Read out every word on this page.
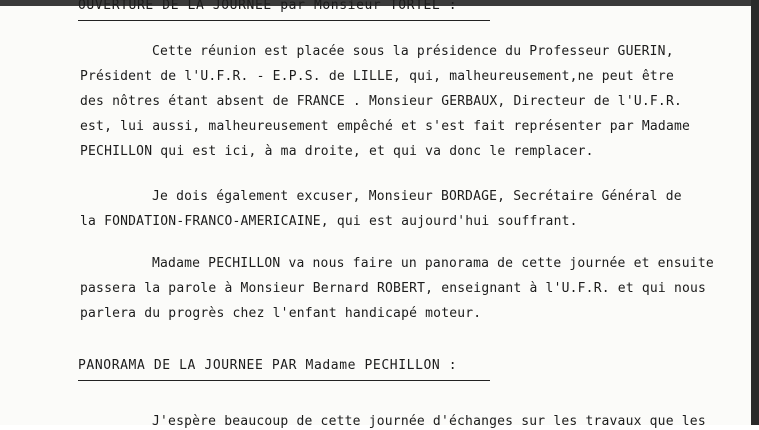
OUVERTURE DE LA JOURNEE par Monsieur TORTEL :
Cette réunion est placée sous la présidence du Professeur GUERIN,
Président de l'U.F.R. - E.P.S. de LILLE, qui, malheureusement,ne peut être
des nôtres étant absent de FRANCE . Monsieur GERBAUX, Directeur de l'U.F.R.
est, lui aussi, malheureusement empêché et s'est fait représenter par Madame
PECHILLON qui est ici, à ma droite, et qui va donc le remplacer.
Je dois également excuser, Monsieur BORDAGE, Secrétaire Général de
la FONDATION-FRANCO-AMERICAINE, qui est aujourd'hui souffrant.
Madame PECHILLON va nous faire un panorama de cette journée et ensuite
passera la parole à Monsieur Bernard ROBERT, enseignant à l'U.F.R. et qui nous
parlera du progrès chez l'enfant handicapé moteur.
PANORAMA DE LA JOURNEE PAR Madame PECHILLON :
J'espère beaucoup de cette journée d'échanges sur les travaux que les
